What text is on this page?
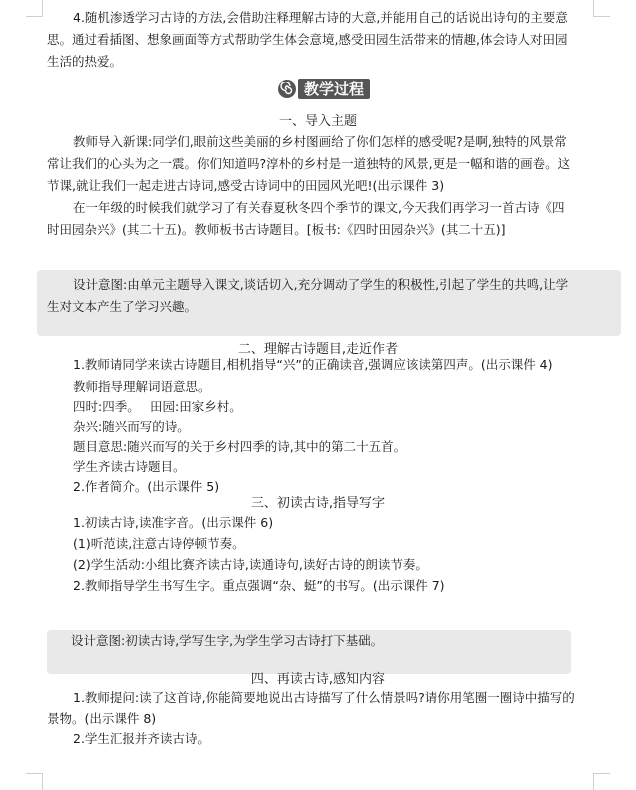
4.随机渗透学习古诗的方法,会借助注释理解古诗的大意,并能用自己的话说出诗句的主要意

思。通过看插图、想象画面等方式帮助学生体会意境,感受田园生活带来的情趣,体会诗人对田园

生活的热爱。

教学过程

一、导入主题

教师导入新课:同学们,眼前这些美丽的乡村图画给了你们怎样的感受呢?是啊,独特的风景常

常让我们的心头为之一震。你们知道吗?淳朴的乡村是一道独特的风景,更是一幅和谐的画卷。这

节课,就让我们一起走进古诗词,感受古诗词中的田园风光吧!(出示课件 3)

在一年级的时候我们就学习了有关春夏秋冬四个季节的课文,今天我们再学习一首古诗《四

时田园杂兴》(其二十五)。教师板书古诗题目。[板书:《四时田园杂兴》(其二十五)]

设计意图:由单元主题导入课文,谈话切入,充分调动了学生的积极性,引起了学生的共鸣,让学

生对文本产生了学习兴趣。

二、理解古诗题目,走近作者

1.教师请同学来读古诗题目,相机指导“兴”的正确读音,强调应该读第四声。(出示课件 4)

教师指导理解词语意思。

四时:四季。 田园:田家乡村。

杂兴:随兴而写的诗。

题目意思:随兴而写的关于乡村四季的诗,其中的第二十五首。

学生齐读古诗题目。

2.作者简介。(出示课件 5)

三、初读古诗,指导写字

1.初读古诗,读准字音。(出示课件 6)

(1)听范读,注意古诗停顿节奏。

(2)学生活动:小组比赛齐读古诗,读通诗句,读好古诗的朗读节奏。

2.教师指导学生书写生字。重点强调“杂、蜓”的书写。(出示课件 7)

设计意图:初读古诗,学写生字,为学生学习古诗打下基础。

四、再读古诗,感知内容

1.教师提问:读了这首诗,你能简要地说出古诗描写了什么情景吗?请你用笔圈一圈诗中描写的

景物。(出示课件 8)

2.学生汇报并齐读古诗。
